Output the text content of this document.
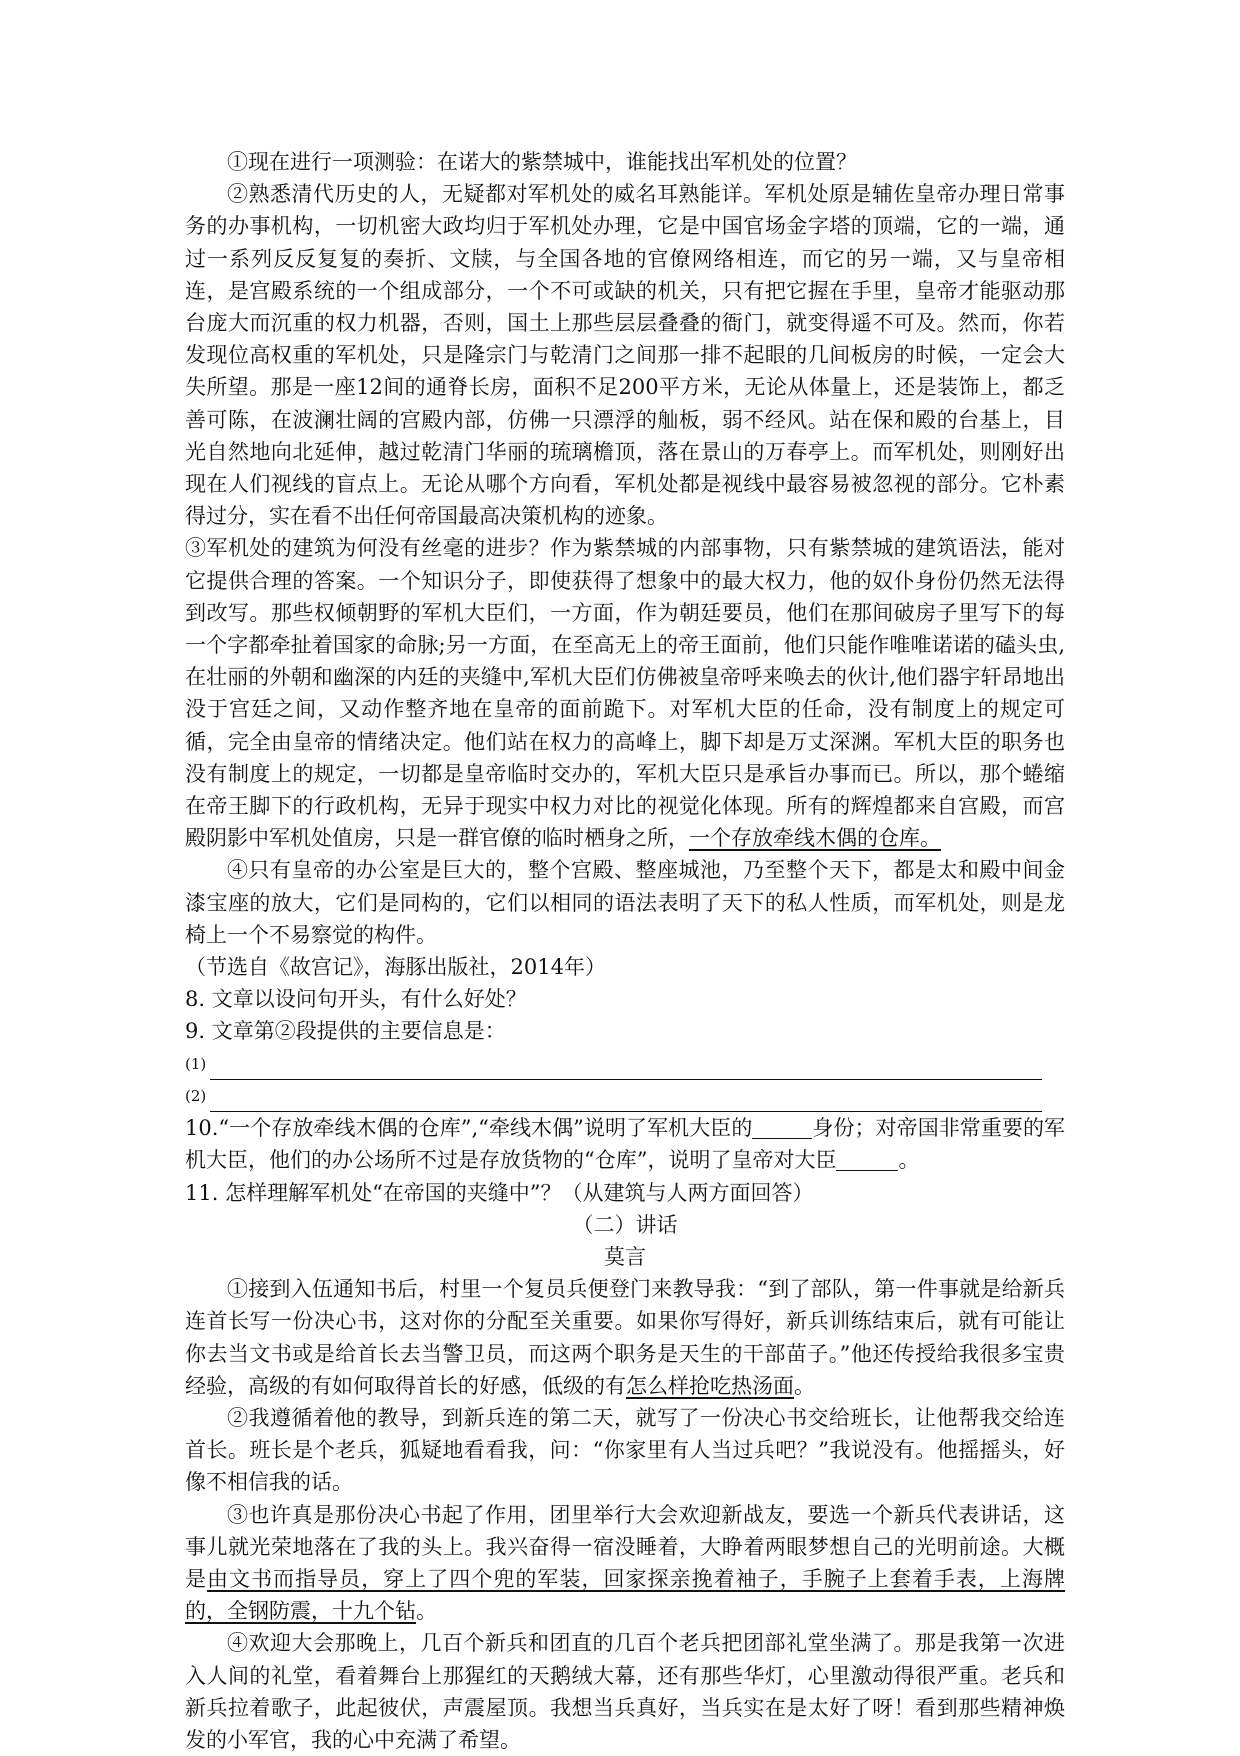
①现在进行一项测验：在诺大的紫禁城中，谁能找出军机处的位置？

②熟悉清代历史的人，无疑都对军机处的威名耳熟能详。军机处原是辅佐皇帝办理日常事务的办事机构，一切机密大政均归于军机处办理，它是中国官场金字塔的顶端，它的一端，通过一系列反反复复的奏折、文牍，与全国各地的官僚网络相连，而它的另一端，又与皇帝相连，是宫殿系统的一个组成部分，一个不可或缺的机关，只有把它握在手里，皇帝才能驱动那台庞大而沉重的权力机器，否则，国土上那些层层叠叠的衙门，就变得遥不可及。然而，你若发现位高权重的军机处，只是隆宗门与乾清门之间那一排不起眼的几间板房的时候，一定会大失所望。那是一座12间的通脊长房，面积不足200平方米，无论从体量上，还是装饰上，都乏善可陈，在波澜壮阔的宫殿内部，仿佛一只漂浮的舢板，弱不经风。站在保和殿的台基上，目光自然地向北延伸，越过乾清门华丽的琉璃檐顶，落在景山的万春亭上。而军机处，则刚好出现在人们视线的盲点上。无论从哪个方向看，军机处都是视线中最容易被忽视的部分。它朴素得过分，实在看不出任何帝国最高决策机构的迹象。

③军机处的建筑为何没有丝毫的进步？作为紫禁城的内部事物，只有紫禁城的建筑语法，能对它提供合理的答案。一个知识分子，即使获得了想象中的最大权力，他的奴仆身份仍然无法得到改写。那些权倾朝野的军机大臣们，一方面，作为朝廷要员，他们在那间破房子里写下的每一个字都牵扯着国家的命脉;另一方面，在至高无上的帝王面前，他们只能作唯唯诺诺的磕头虫,在壮丽的外朝和幽深的内廷的夹缝中,军机大臣们仿佛被皇帝呼来唤去的伙计,他们器宇轩昂地出没于宫廷之间，又动作整齐地在皇帝的面前跪下。对军机大臣的任命，没有制度上的规定可循，完全由皇帝的情绪决定。他们站在权力的高峰上，脚下却是万丈深渊。军机大臣的职务也没有制度上的规定，一切都是皇帝临时交办的，军机大臣只是承旨办事而已。所以，那个蜷缩在帝王脚下的行政机构，无异于现实中权力对比的视觉化体现。所有的辉煌都来自宫殿，而宫殿阴影中军机处值房，只是一群官僚的临时栖身之所，一个存放牵线木偶的仓库。

④只有皇帝的办公室是巨大的，整个宫殿、整座城池，乃至整个天下，都是太和殿中间金漆宝座的放大，它们是同构的，它们以相同的语法表明了天下的私人性质，而军机处，则是龙椅上一个不易察觉的构件。

（节选自《故宫记》，海豚出版社，2014年）

8. 文章以设问句开头，有什么好处？

9. 文章第②段提供的主要信息是：

(1)
(2)

10.“一个存放牵线木偶的仓库”,“牵线木偶”说明了军机大臣的	身份；对帝国非常重要的军机大臣，他们的办公场所不过是存放货物的“仓库”，说明了皇帝对大臣	。

11. 怎样理解军机处“在帝国的夹缝中”？（从建筑与人两方面回答）

（二）讲话

莫言

①接到入伍通知书后，村里一个复员兵便登门来教导我：“到了部队，第一件事就是给新兵连首长写一份决心书，这对你的分配至关重要。如果你写得好，新兵训练结束后，就有可能让你去当文书或是给首长去当警卫员，而这两个职务是天生的干部苗子。”他还传授给我很多宝贵经验，高级的有如何取得首长的好感，低级的有怎么样抢吃热汤面。

②我遵循着他的教导，到新兵连的第二天，就写了一份决心书交给班长，让他帮我交给连首长。班长是个老兵，狐疑地看看我，问：“你家里有人当过兵吧？”我说没有。他摇摇头，好像不相信我的话。

③也许真是那份决心书起了作用，团里举行大会欢迎新战友，要选一个新兵代表讲话，这事儿就光荣地落在了我的头上。我兴奋得一宿没睡着，大睁着两眼梦想自己的光明前途。大概是由文书而指导员，穿上了四个兜的军装，回家探亲挽着袖子，手腕子上套着手表，上海牌的，全钢防震，十九个钻。

④欢迎大会那晚上，几百个新兵和团直的几百个老兵把团部礼堂坐满了。那是我第一次进入人间的礼堂，看着舞台上那猩红的天鹅绒大幕，还有那些华灯，心里激动得很严重。老兵和新兵拉着歌子，此起彼伏，声震屋顶。我想当兵真好，当兵实在是太好了呀！看到那些精神焕发的小军官，我的心中充满了希望。
